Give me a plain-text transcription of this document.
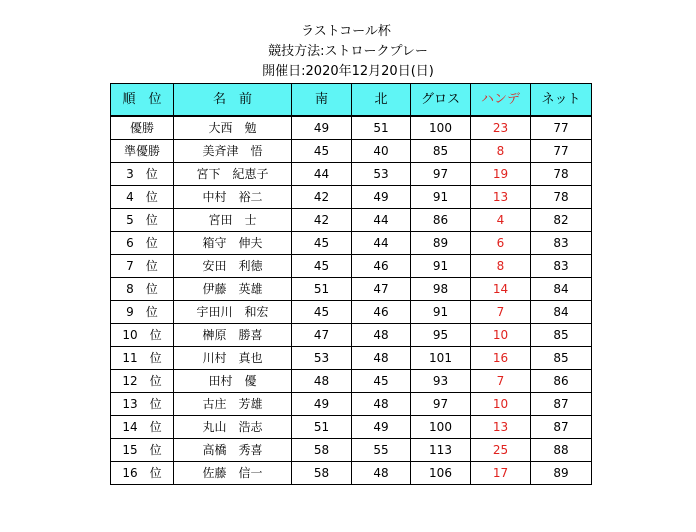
ラストコール杯
競技方法:ストロークプレー
開催日:2020年12月20日(日)
順　位	名　前	南	北	グロス	ハンデ	ネット
優勝	大西　勉	49	51	100	23	77
準優勝	美斉津　悟	45	40	85	8	77
3　位	宮下　紀恵子	44	53	97	19	78
4　位	中村　裕二	42	49	91	13	78
5　位	宮田　士	42	44	86	4	82
6　位	箱守　伸夫	45	44	89	6	83
7　位	安田　利徳	45	46	91	8	83
8　位	伊藤　英雄	51	47	98	14	84
9　位	宇田川　和宏	45	46	91	7	84
10　位	榊原　勝喜	47	48	95	10	85
11　位	川村　真也	53	48	101	16	85
12　位	田村　優	48	45	93	7	86
13　位	古庄　芳雄	49	48	97	10	87
14　位	丸山　浩志	51	49	100	13	87
15　位	高橋　秀喜	58	55	113	25	88
16　位	佐藤　信一	58	48	106	17	89
